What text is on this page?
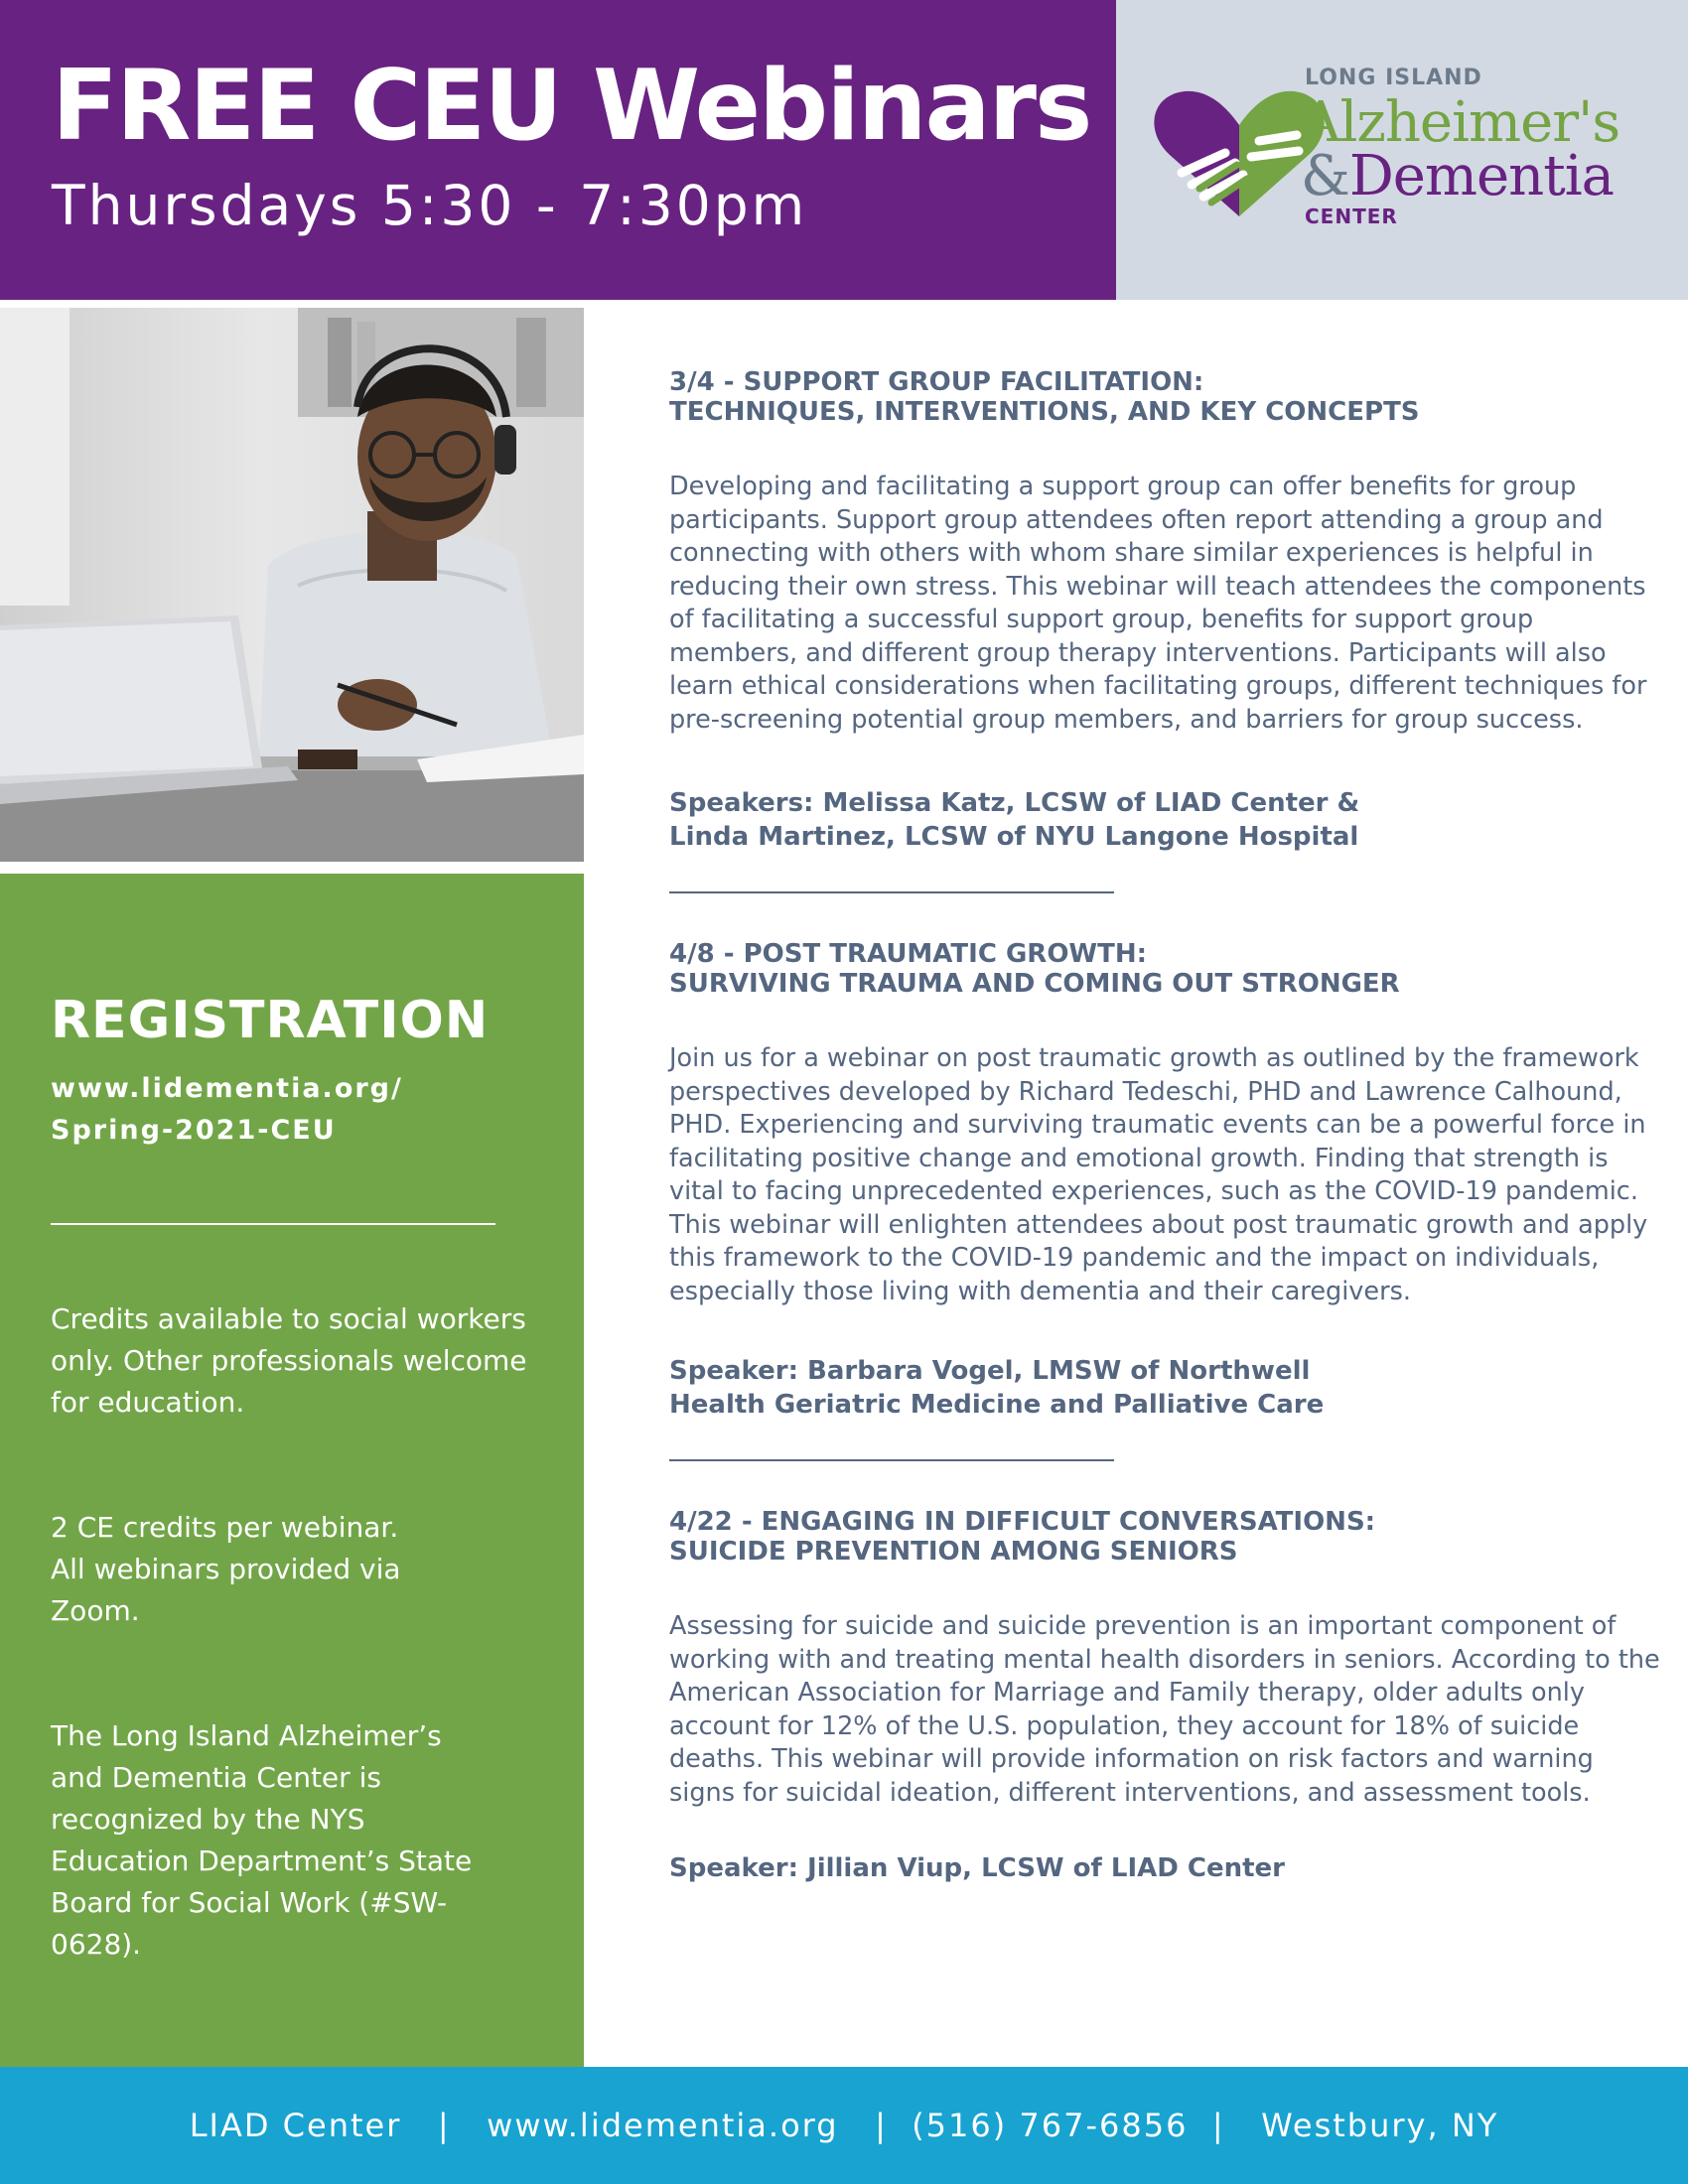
FREE CEU Webinars
Thursdays 5:30 - 7:30pm
LONG ISLAND
Alzheimer's
&Dementia
CENTER
REGISTRATION
www.lidementia.org/
Spring-2021-CEU

Credits available to social workers only. Other professionals welcome for education.

2 CE credits per webinar. All webinars provided via Zoom.

The Long Island Alzheimer’s and Dementia Center is recognized by the NYS Education Department’s State Board for Social Work (#SW-0628).

3/4 - SUPPORT GROUP FACILITATION:
TECHNIQUES, INTERVENTIONS, AND KEY CONCEPTS

Developing and facilitating a support group can offer benefits for group participants. Support group attendees often report attending a group and connecting with others with whom share similar experiences is helpful in reducing their own stress. This webinar will teach attendees the components of facilitating a successful support group, benefits for support group members, and different group therapy interventions. Participants will also learn ethical considerations when facilitating groups, different techniques for pre-screening potential group members, and barriers for group success.

Speakers: Melissa Katz, LCSW of LIAD Center &
Linda Martinez, LCSW of NYU Langone Hospital

4/8 - POST TRAUMATIC GROWTH:
SURVIVING TRAUMA AND COMING OUT STRONGER

Join us for a webinar on post traumatic growth as outlined by the framework perspectives developed by Richard Tedeschi, PHD and Lawrence Calhound, PHD. Experiencing and surviving traumatic events can be a powerful force in facilitating positive change and emotional growth. Finding that strength is vital to facing unprecedented experiences, such as the COVID-19 pandemic. This webinar will enlighten attendees about post traumatic growth and apply this framework to the COVID-19 pandemic and the impact on individuals, especially those living with dementia and their caregivers.

Speaker: Barbara Vogel, LMSW of Northwell
Health Geriatric Medicine and Palliative Care

4/22 - ENGAGING IN DIFFICULT CONVERSATIONS:
SUICIDE PREVENTION AMONG SENIORS

Assessing for suicide and suicide prevention is an important component of working with and treating mental health disorders in seniors. According to the American Association for Marriage and Family therapy, older adults only account for 12% of the U.S. population, they account for 18% of suicide deaths. This webinar will provide information on risk factors and warning signs for suicidal ideation, different interventions, and assessment tools.

Speaker: Jillian Viup, LCSW of LIAD Center

LIAD Center   |   www.lidementia.org   |  (516) 767-6856  |   Westbury, NY
